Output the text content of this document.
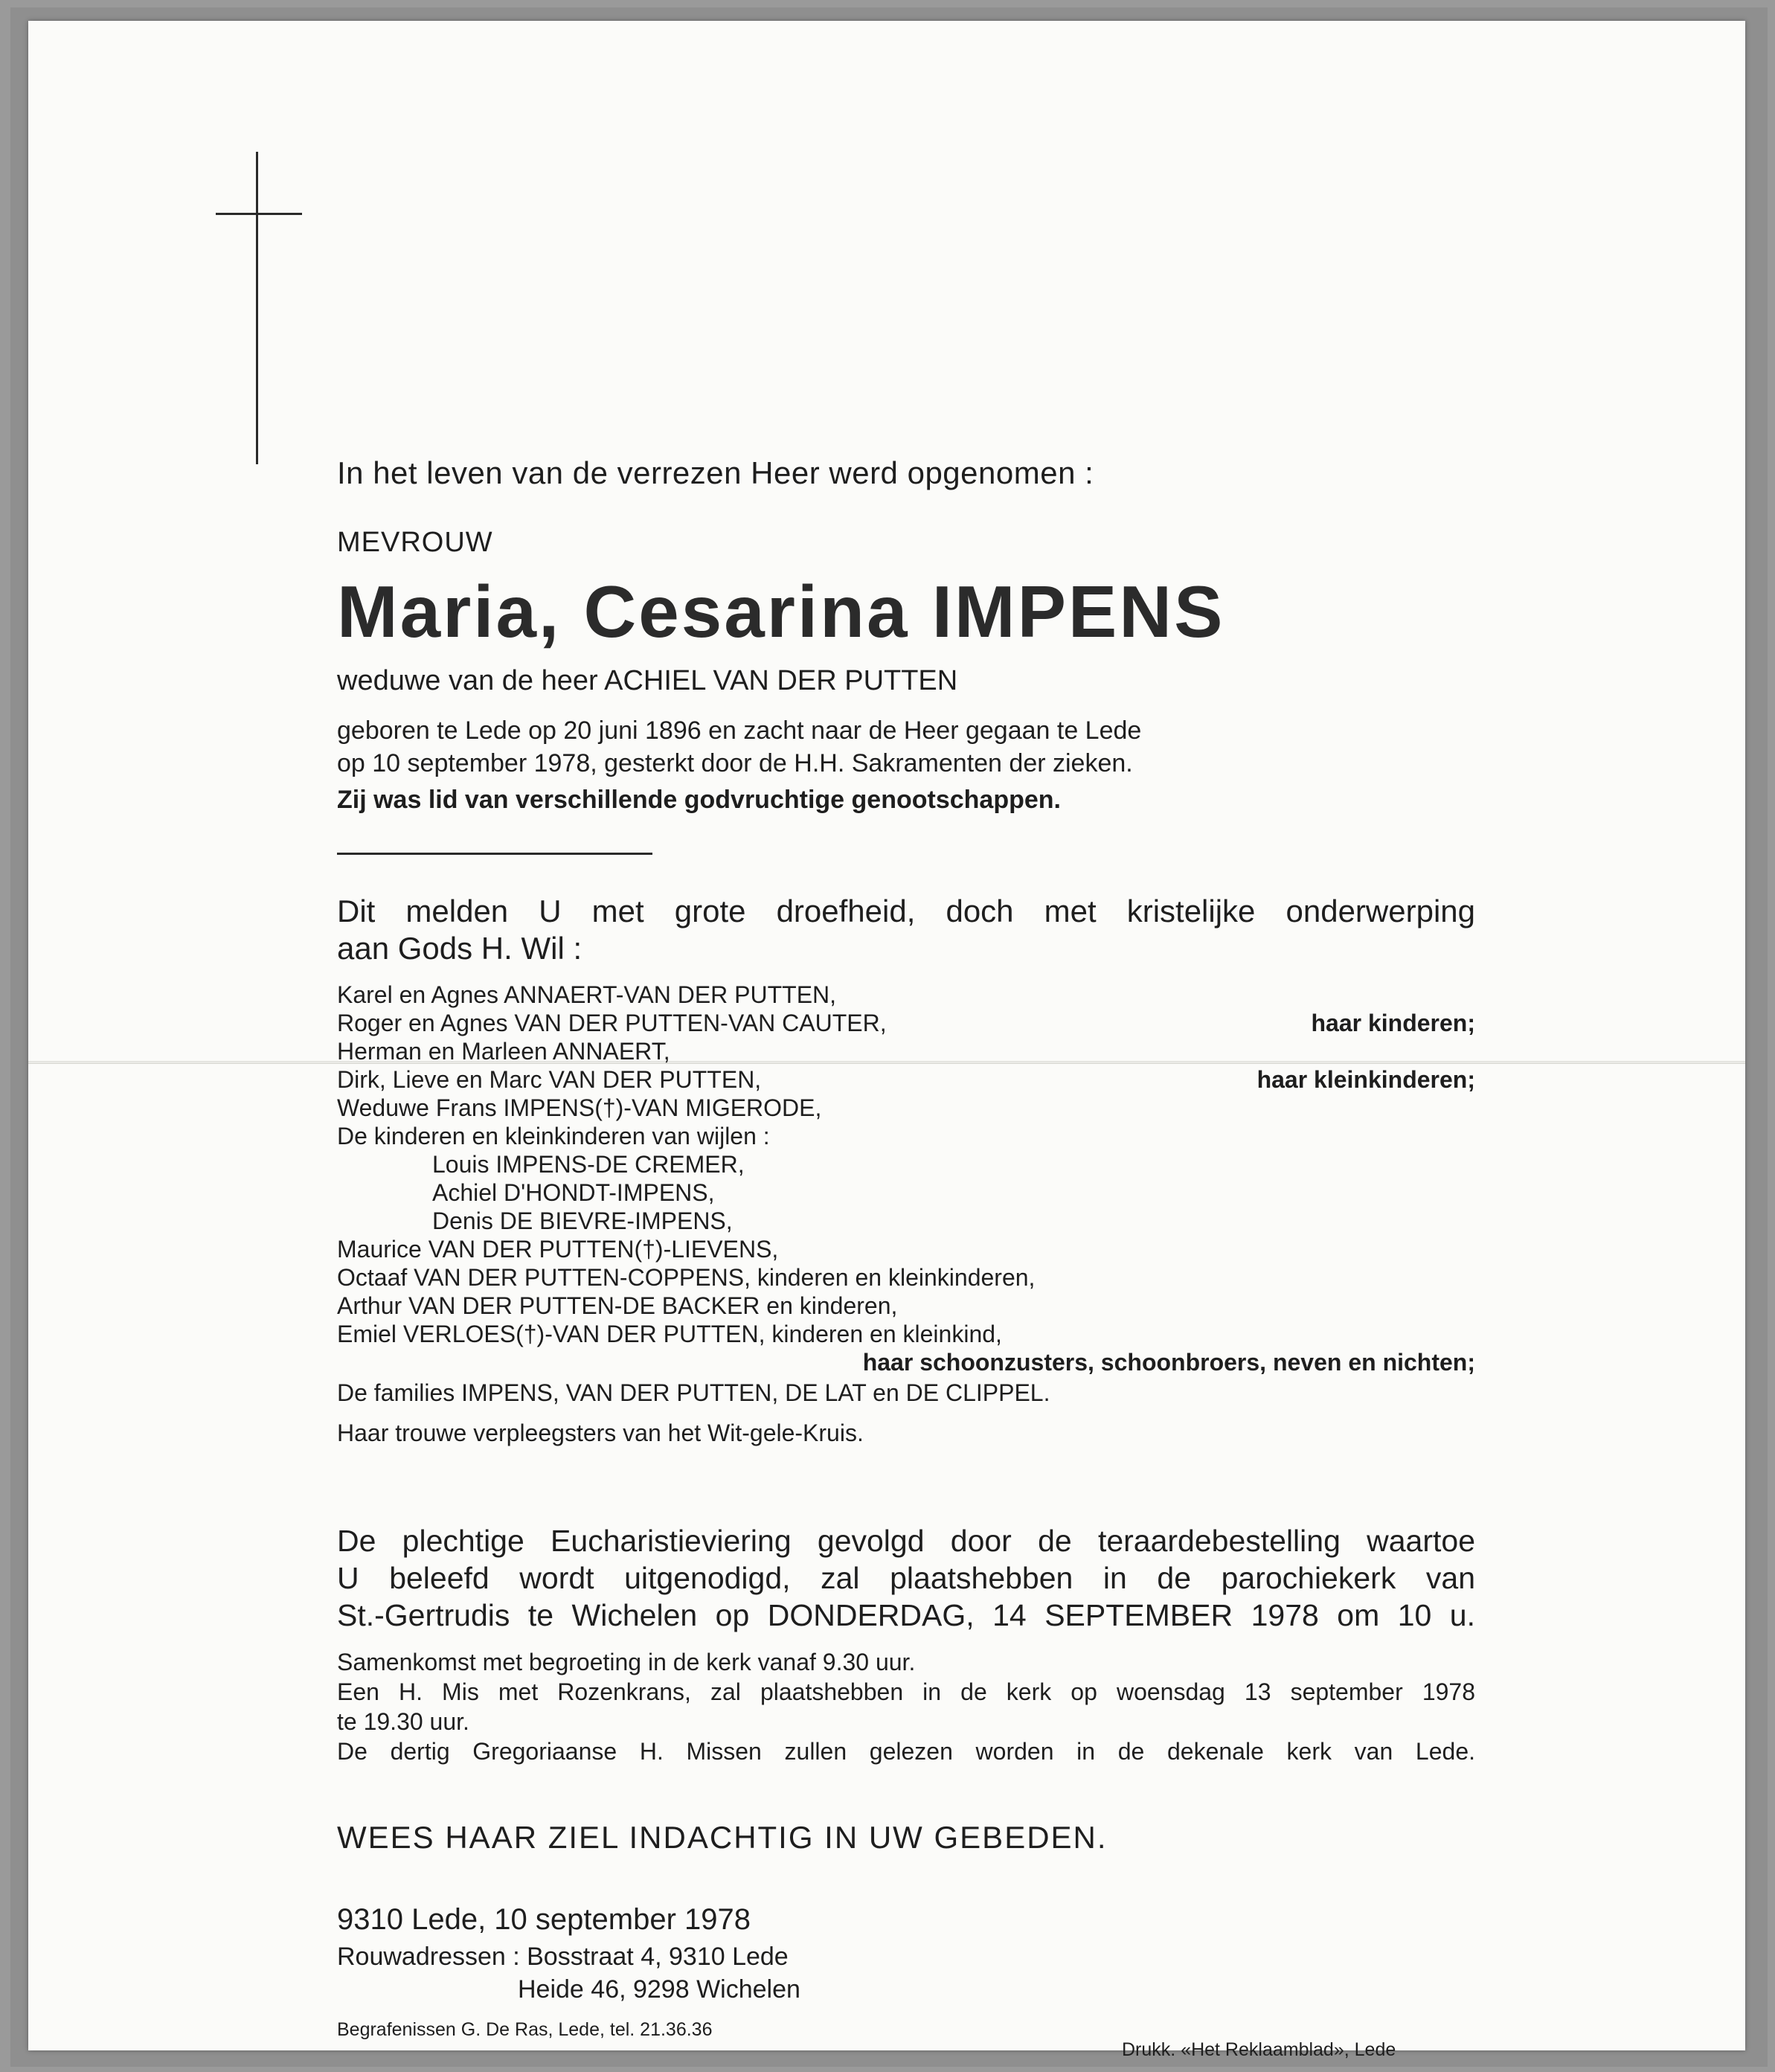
In het leven van de verrezen Heer werd opgenomen :

MEVROUW

Maria, Cesarina IMPENS

weduwe van de heer ACHIEL VAN DER PUTTEN

geboren te Lede op 20 juni 1896 en zacht naar de Heer gegaan te Lede
op 10 september 1978, gesterkt door de H.H. Sakramenten der zieken.

Zij was lid van verschillende godvruchtige genootschappen.

Dit melden U met grote droefheid, doch met kristelijke onderwerping
aan Gods H. Wil :
Karel en Agnes ANNAERT-VAN DER PUTTEN,
Roger en Agnes VAN DER PUTTEN-VAN CAUTER,	haar kinderen;
Herman en Marleen ANNAERT,
Dirk, Lieve en Marc VAN DER PUTTEN,	haar kleinkinderen;
Weduwe Frans IMPENS(†)-VAN MIGERODE,
De kinderen en kleinkinderen van wijlen :
Louis IMPENS-DE CREMER,
Achiel D'HONDT-IMPENS,
Denis DE BIEVRE-IMPENS,
Maurice VAN DER PUTTEN(†)-LIEVENS,
Octaaf VAN DER PUTTEN-COPPENS, kinderen en kleinkinderen,
Arthur VAN DER PUTTEN-DE BACKER en kinderen,
Emiel VERLOES(†)-VAN DER PUTTEN, kinderen en kleinkind,
haar schoonzusters, schoonbroers, neven en nichten;

De families IMPENS, VAN DER PUTTEN, DE LAT en DE CLIPPEL.

Haar trouwe verpleegsters van het Wit-gele-Kruis.

De plechtige Eucharistieviering gevolgd door de teraardebestelling waartoe
U beleefd wordt uitgenodigd, zal plaatshebben in de parochiekerk van
St.-Gertrudis te Wichelen op DONDERDAG, 14 SEPTEMBER 1978 om 10 u.
Samenkomst met begroeting in de kerk vanaf 9.30 uur.
Een H. Mis met Rozenkrans, zal plaatshebben in de kerk op woensdag 13 september 1978
te 19.30 uur.
De dertig Gregoriaanse H. Missen zullen gelezen worden in de dekenale kerk van Lede.

WEES HAAR ZIEL INDACHTIG IN UW GEBEDEN.

9310 Lede, 10 september 1978

Rouwadressen : Bosstraat 4, 9310 Lede
Heide 46, 9298 Wichelen

Begrafenissen G. De Ras, Lede, tel. 21.36.36

Drukk. «Het Reklaamblad», Lede
